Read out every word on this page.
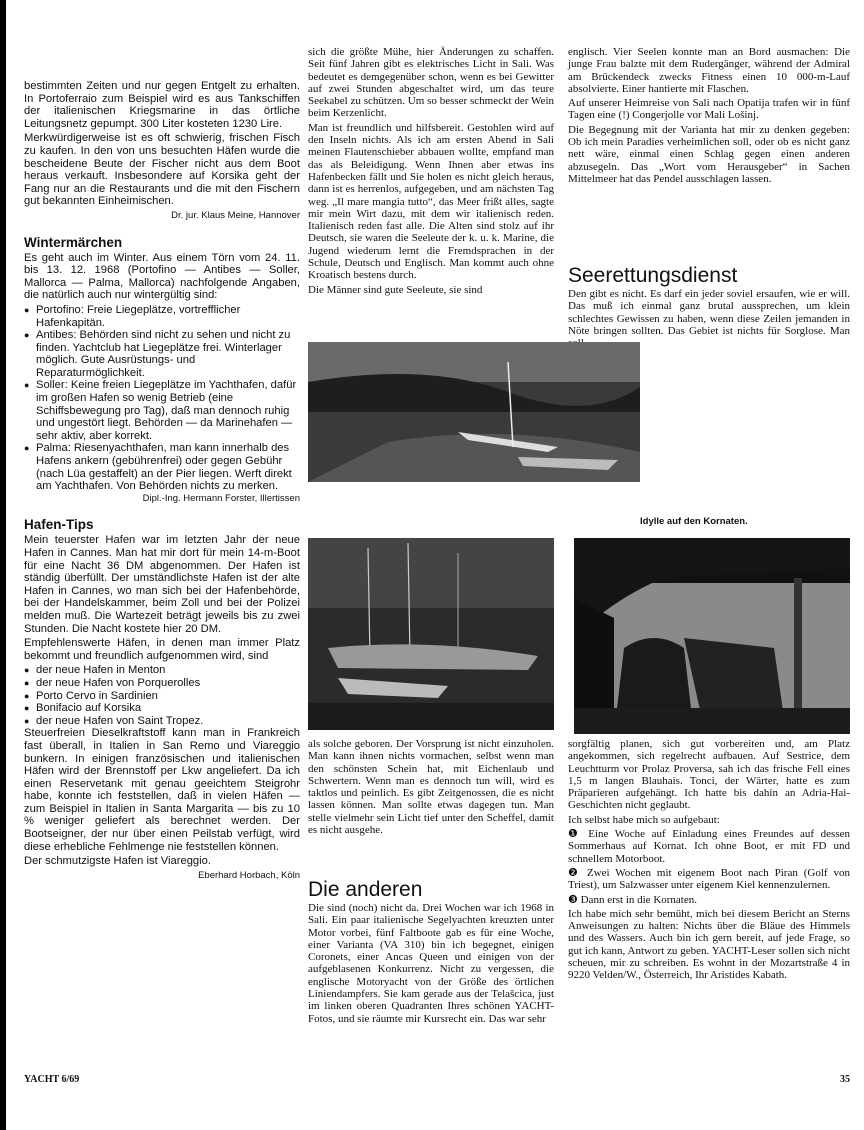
bestimmten Zeiten und nur gegen Entgelt zu erhalten. In Portoferraio zum Beispiel wird es aus Tankschiffen der italienischen Kriegsmarine in das örtliche Leitungsnetz gepumpt. 300 Liter kosteten 1230 Lire.

Merkwürdigerweise ist es oft schwierig, frischen Fisch zu kaufen. In den von uns besuchten Häfen wurde die bescheidene Beute der Fischer nicht aus dem Boot heraus verkauft. Insbesondere auf Korsika geht der Fang nur an die Restaurants und die mit den Fischern gut bekannten Einheimischen.

Dr. jur. Klaus Meine, Hannover

Wintermärchen

Es geht auch im Winter. Aus einem Törn vom 24. 11. bis 13. 12. 1968 (Portofino — Antibes — Soller, Mallorca — Palma, Mallorca) nachfolgende Angaben, die natürlich auch nur wintergültig sind:

● Portofino: Freie Liegeplätze, vortrefflicher Hafenkapitän.
● Antibes: Behörden sind nicht zu sehen und nicht zu finden. Yachtclub hat Liegeplätze frei. Winterlager möglich. Gute Ausrüstungs- und Reparaturmöglichkeit.
● Soller: Keine freien Liegeplätze im Yachthafen, dafür im großen Hafen so wenig Betrieb (eine Schiffsbewegung pro Tag), daß man dennoch ruhig und ungestört liegt. Behörden — da Marinehafen — sehr aktiv, aber korrekt.
● Palma: Riesenyachthafen, man kann innerhalb des Hafens ankern (gebührenfrei) oder gegen Gebühr (nach Lüa gestaffelt) an der Pier liegen. Werft direkt am Yachthafen. Von Behörden nichts zu merken.

Dipl.-Ing. Hermann Forster, Illertissen

Hafen-Tips

Mein teuerster Hafen war im letzten Jahr der neue Hafen in Cannes. Man hat mir dort für mein 14-m-Boot für eine Nacht 36 DM abgenommen. Der Hafen ist ständig überfüllt. Der umständlichste Hafen ist der alte Hafen in Cannes, wo man sich bei der Hafenbehörde, bei der Handelskammer, beim Zoll und bei der Polizei melden muß. Die Wartezeit beträgt jeweils bis zu zwei Stunden. Die Nacht kostete hier 20 DM.

Empfehlenswerte Häfen, in denen man immer Platz bekommt und freundlich aufgenommen wird, sind

● der neue Hafen in Menton
● der neue Hafen von Porquerolles
● Porto Cervo in Sardinien
● Bonifacio auf Korsika
● der neue Hafen von Saint Tropez.

Steuerfreien Dieselkraftstoff kann man in Frankreich fast überall, in Italien in San Remo und Viareggio bunkern. In einigen französischen und italienischen Häfen wird der Brennstoff per Lkw angeliefert. Da ich einen Reservetank mit genau geeichtem Steigrohr habe, konnte ich feststellen, daß in vielen Häfen — zum Beispiel in Italien in Santa Margarita — bis zu 10 % weniger geliefert als berechnet werden. Der Bootseigner, der nur über einen Peilstab verfügt, wird diese erhebliche Fehlmenge nie feststellen können.

Der schmutzigste Hafen ist Viareggio.

Eberhard Horbach, Köln

sich die größte Mühe, hier Änderungen zu schaffen. Seit fünf Jahren gibt es elektrisches Licht in Sali. Was bedeutet es demgegenüber schon, wenn es bei Gewitter auf zwei Stunden abgeschaltet wird, um das teure Seekabel zu schützen. Um so besser schmeckt der Wein beim Kerzenlicht.

Man ist freundlich und hilfsbereit. Gestohlen wird auf den Inseln nichts. Als ich am ersten Abend in Sali meinen Flautenschieber abbauen wollte, empfand man das als Beleidigung. Wenn Ihnen aber etwas ins Hafenbecken fällt und Sie holen es nicht gleich heraus, dann ist es herrenlos, aufgegeben, und am nächsten Tag weg. „Il mare mangia tutto“, das Meer frißt alles, sagte mir mein Wirt dazu, mit dem wir italienisch reden. Italienisch reden fast alle. Die Alten sind stolz auf ihr Deutsch, sie waren die Seeleute der k. u. k. Marine, die Jugend wiederum lernt die Fremdsprachen in der Schule, Deutsch und Englisch. Man kommt auch ohne Kroatisch bestens durch.

Die Männer sind gute Seeleute, sie sind

englisch. Vier Seelen konnte man an Bord ausmachen: Die junge Frau balzte mit dem Rudergänger, während der Admiral am Brückendeck zwecks Fitness einen 10 000-m-Lauf absolvierte. Einer hantierte mit Flaschen.

Auf unserer Heimreise von Sali nach Opatija trafen wir in fünf Tagen eine (!) Congerjolle vor Mali Lošinj.

Die Begegnung mit der Varianta hat mir zu denken gegeben: Ob ich mein Paradies verheimlichen soll, oder ob es nicht ganz nett wäre, einmal einen Schlag gegen einen anderen abzusegeln. Das „Wort vom Herausgeber“ in Sachen Mittelmeer hat das Pendel ausschlagen lassen.

Seerettungsdienst

Den gibt es nicht. Es darf ein jeder soviel ersaufen, wie er will. Das muß ich einmal ganz brutal aussprechen, um klein schlechtes Gewissen zu haben, wenn diese Zeilen jemanden in Nöte bringen sollten. Das Gebiet ist nichts für Sorglose. Man

Idylle auf den Kornaten.

als solche geboren. Der Vorsprung ist nicht einzuholen. Man kann ihnen nichts vormachen, selbst wenn man den schönsten Schein hat, mit Eichenlaub und Schwertern. Wenn man es dennoch tun will, wird es taktlos und peinlich. Es gibt Zeitgenossen, die es nicht lassen können. Man sollte etwas dagegen tun. Man stelle vielmehr sein Licht tief unter den Scheffel, damit es nicht ausgehe.

Die anderen

Die sind (noch) nicht da. Drei Wochen war ich 1968 in Sali. Ein paar italienische Segelyachten kreuzten unter Motor vorbei, fünf Faltboote gab es für eine Woche, einer Varianta (VA 310) bin ich begegnet, einigen Coronets, einer Ancas Queen und einigen von der aufgeblasenen Konkurrenz. Nicht zu vergessen, die englische Motoryacht von der Größe des örtlichen Liniendampfers. Sie kam gerade aus der Telašcica, just im linken oberen Quadranten Ihres schönen YACHT-Fotos, und sie räumte mir Kursrecht ein. Das war sehr

sorgfältig planen, sich gut vorbereiten und, am Platz angekommen, sich regelrecht aufbauen. Auf Sestrice, dem Leuchtturm vor Prolaz Proversa, sah ich das frische Fell eines 1,5 m langen Blauhais. Tonci, der Wärter, hatte es zum Präparieren aufgehängt. Ich hatte bis dahin an Adria-Hai-Geschichten nicht geglaubt.

Ich selbst habe mich so aufgebaut:

❶ Eine Woche auf Einladung eines Freundes auf dessen Sommerhaus auf Kornat. Ich ohne Boot, er mit FD und schnellem Motorboot.

❷ Zwei Wochen mit eigenem Boot nach Piran (Golf von Triest), um Salzwasser unter eigenem Kiel kennenzulernen.

❸ Dann erst in die Kornaten.

Ich habe mich sehr bemüht, mich bei diesem Bericht an Sterns Anweisungen zu halten: Nichts über die Bläue des Himmels und des Wassers. Auch bin ich gern bereit, auf jede Frage, so gut ich kann, Antwort zu geben. YACHT-Leser sollen sich nicht scheuen, mir zu schreiben. Es wohnt in der Mozartstraße 4 in 9220 Velden/W., Österreich, Ihr Aristides Kabath.

YACHT 6/69	35
